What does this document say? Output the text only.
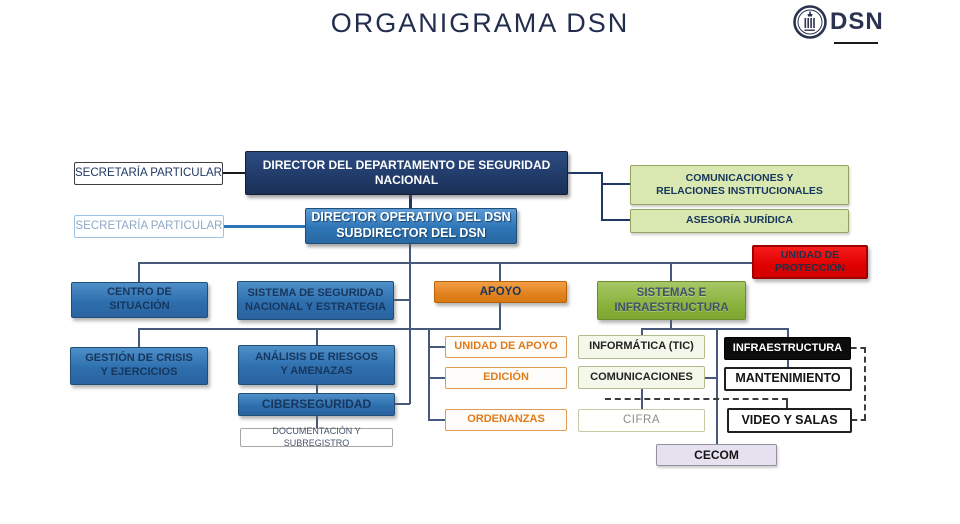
ORGANIGRAMA DSN	DSN
SECRETARÍA PARTICULAR
DIRECTOR DEL DEPARTAMENTO DE SEGURIDAD
NACIONAL	COMUNICACIONES Y
RELACIONES INSTITUCIONALES
ASESORÍA JURÍDICA
SECRETARÍA PARTICULAR
DIRECTOR OPERATIVO DEL DSN
SUBDIRECTOR DEL DSN
UNIDAD DE
PROTECCIÓN
CENTRO DE
SITUACIÓN
SISTEMA DE SEGURIDAD
NACIONAL Y ESTRATEGIA
APOYO	SISTEMAS E
INFRAESTRUCTURA
GESTIÓN DE CRISIS
Y EJERCICIOS
ANÁLISIS DE RIESGOS
Y AMENAZAS
CIBERSEGURIDAD
DOCUMENTACIÓN Y SUBREGISTRO
UNIDAD DE APOYO
EDICIÓN
ORDENANZAS
INFORMÁTICA (TIC)
COMUNICACIONES
CIFRA
INFRAESTRUCTURA
MANTENIMIENTO
VIDEO Y SALAS
CECOM
